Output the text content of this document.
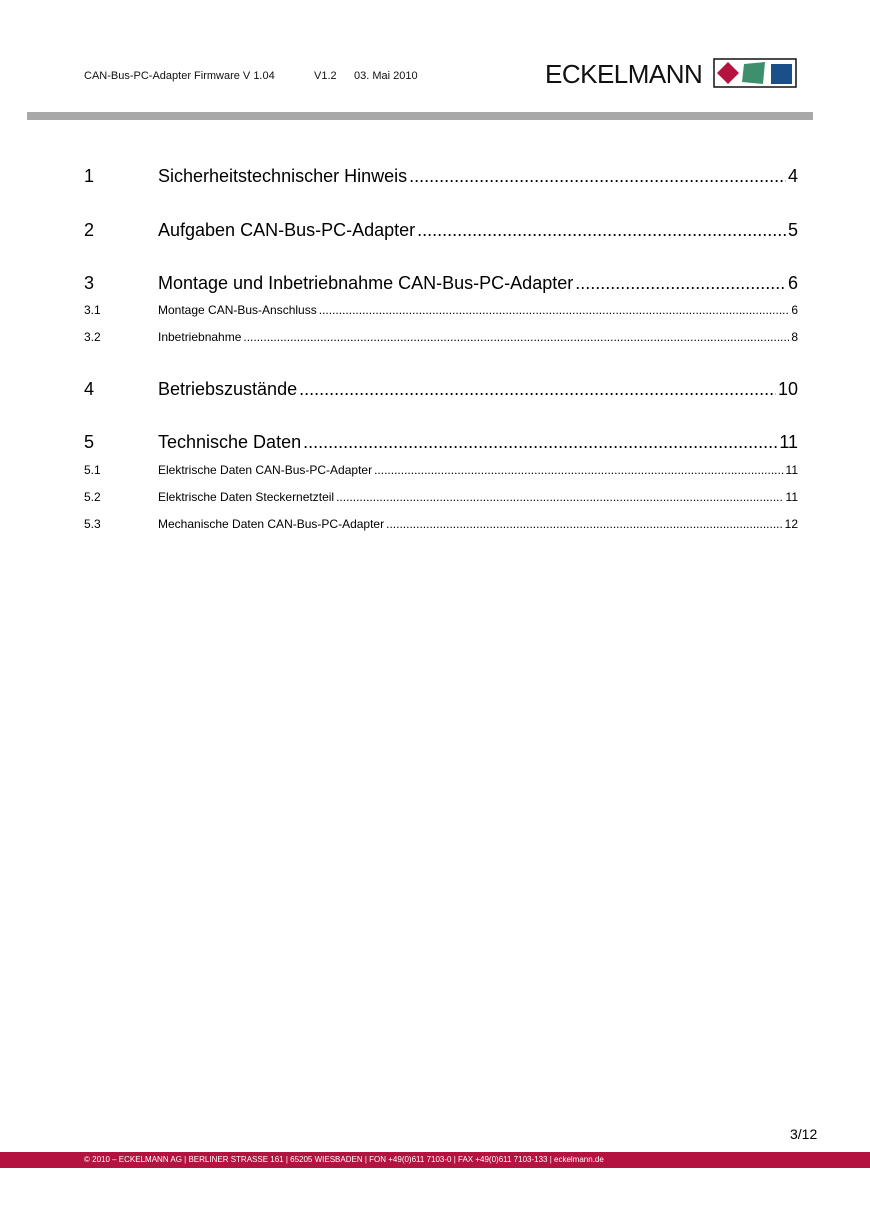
CAN-Bus-PC-Adapter Firmware V 1.04	V1.2	03. Mai 2010	ECKELMANN
1	Sicherheitstechnischer Hinweis .....	4
2	Aufgaben CAN-Bus-PC-Adapter .....	5
3	Montage und Inbetriebnahme CAN-Bus-PC-Adapter .....	6
3.1	Montage CAN-Bus-Anschluss .....	6
3.2	Inbetriebnahme .....	8
4	Betriebszustände .....	10
5	Technische Daten .....	11
5.1	Elektrische Daten CAN-Bus-PC-Adapter .....	11
5.2	Elektrische Daten Steckernetzteil .....	11
5.3	Mechanische Daten CAN-Bus-PC-Adapter .....	12
3/12
© 2010 – ECKELMANN AG | BERLINER STRASSE 161 | 65205 WIESBADEN | FON +49(0)611 7103-0 | FAX +49(0)611 7103-133 | eckelmann.de
